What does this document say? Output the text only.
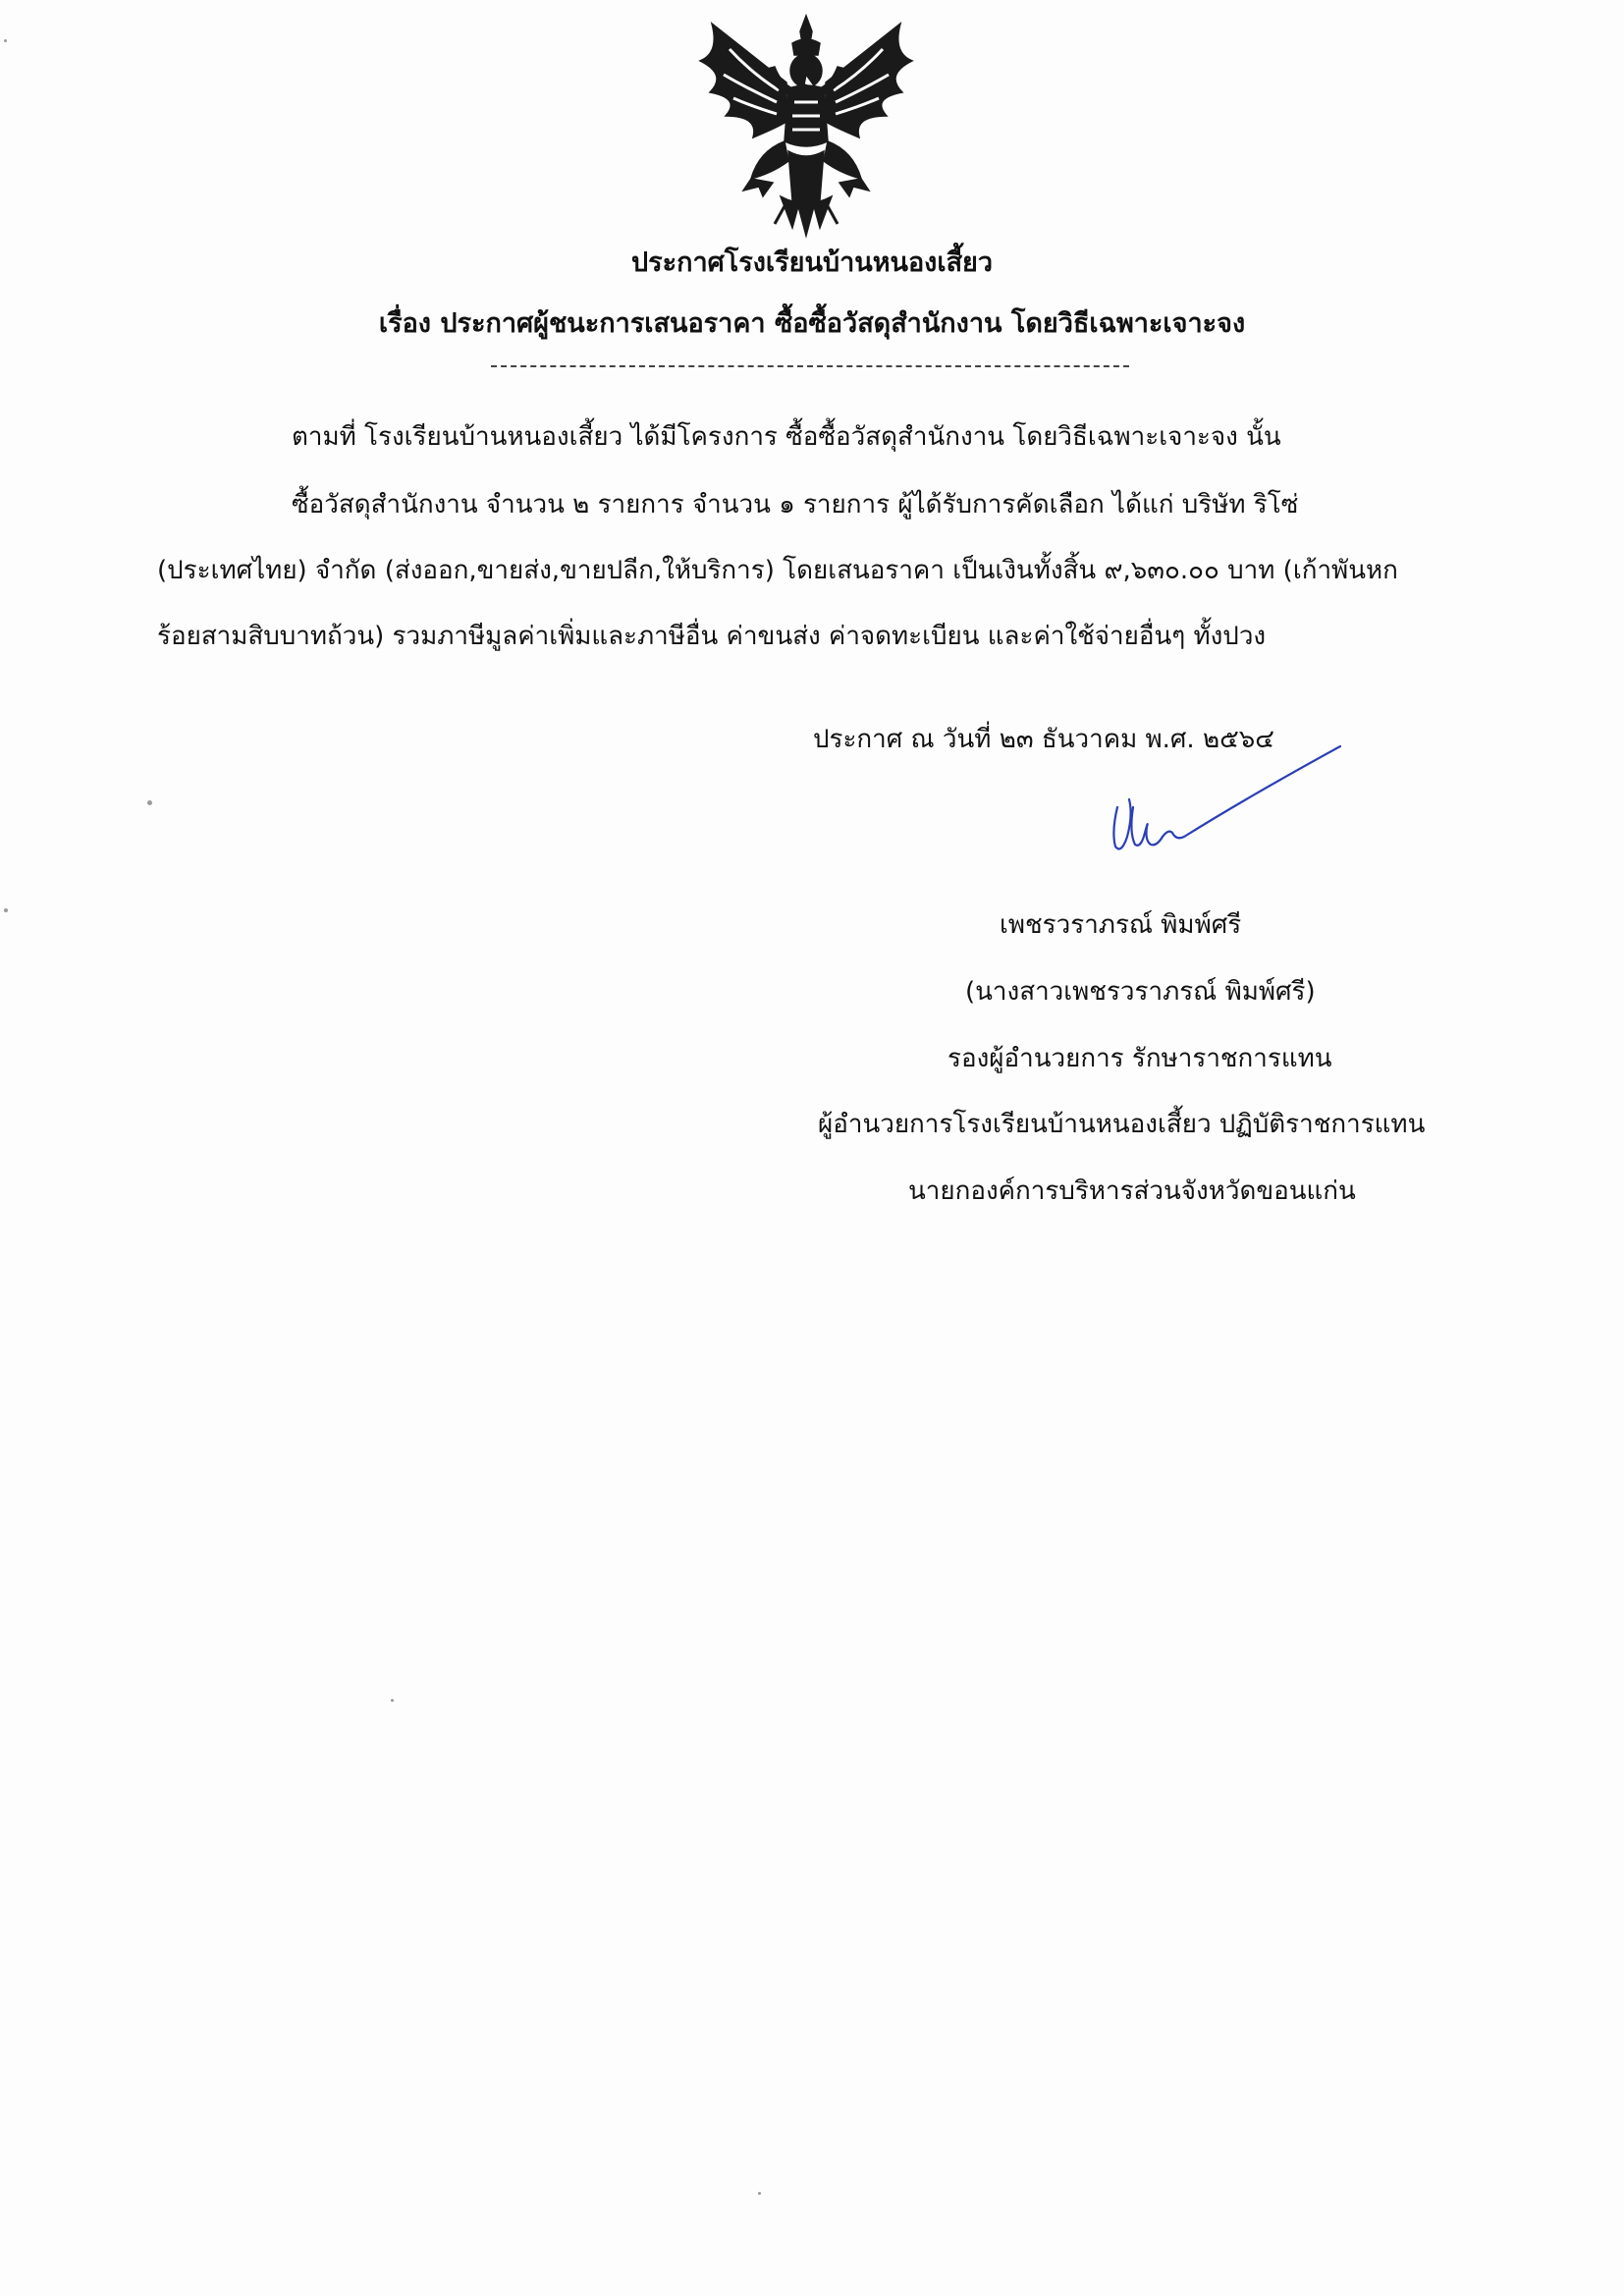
ประกาศโรงเรียนบ้านหนองเสี้ยว
เรื่อง ประกาศผู้ชนะการเสนอราคา ซื้อซื้อวัสดุสำนักงาน โดยวิธีเฉพาะเจาะจง
ตามที่ โรงเรียนบ้านหนองเสี้ยว ได้มีโครงการ ซื้อซื้อวัสดุสำนักงาน โดยวิธีเฉพาะเจาะจง นั้น
ซื้อวัสดุสำนักงาน จำนวน ๒ รายการ จำนวน ๑ รายการ ผู้ได้รับการคัดเลือก ได้แก่ บริษัท ริโซ่
(ประเทศไทย) จำกัด (ส่งออก,ขายส่ง,ขายปลีก,ให้บริการ) โดยเสนอราคา เป็นเงินทั้งสิ้น ๙,๖๓๐.๐๐ บาท (เก้าพันหก
ร้อยสามสิบบาทถ้วน) รวมภาษีมูลค่าเพิ่มและภาษีอื่น ค่าขนส่ง ค่าจดทะเบียน และค่าใช้จ่ายอื่นๆ ทั้งปวง
ประกาศ ณ วันที่ ๒๓ ธันวาคม พ.ศ. ๒๕๖๔
เพชรวราภรณ์ พิมพ์ศรี
(นางสาวเพชรวราภรณ์ พิมพ์ศรี)
รองผู้อำนวยการ รักษาราชการแทน
ผู้อำนวยการโรงเรียนบ้านหนองเสี้ยว ปฏิบัติราชการแทน
นายกองค์การบริหารส่วนจังหวัดขอนแก่น
